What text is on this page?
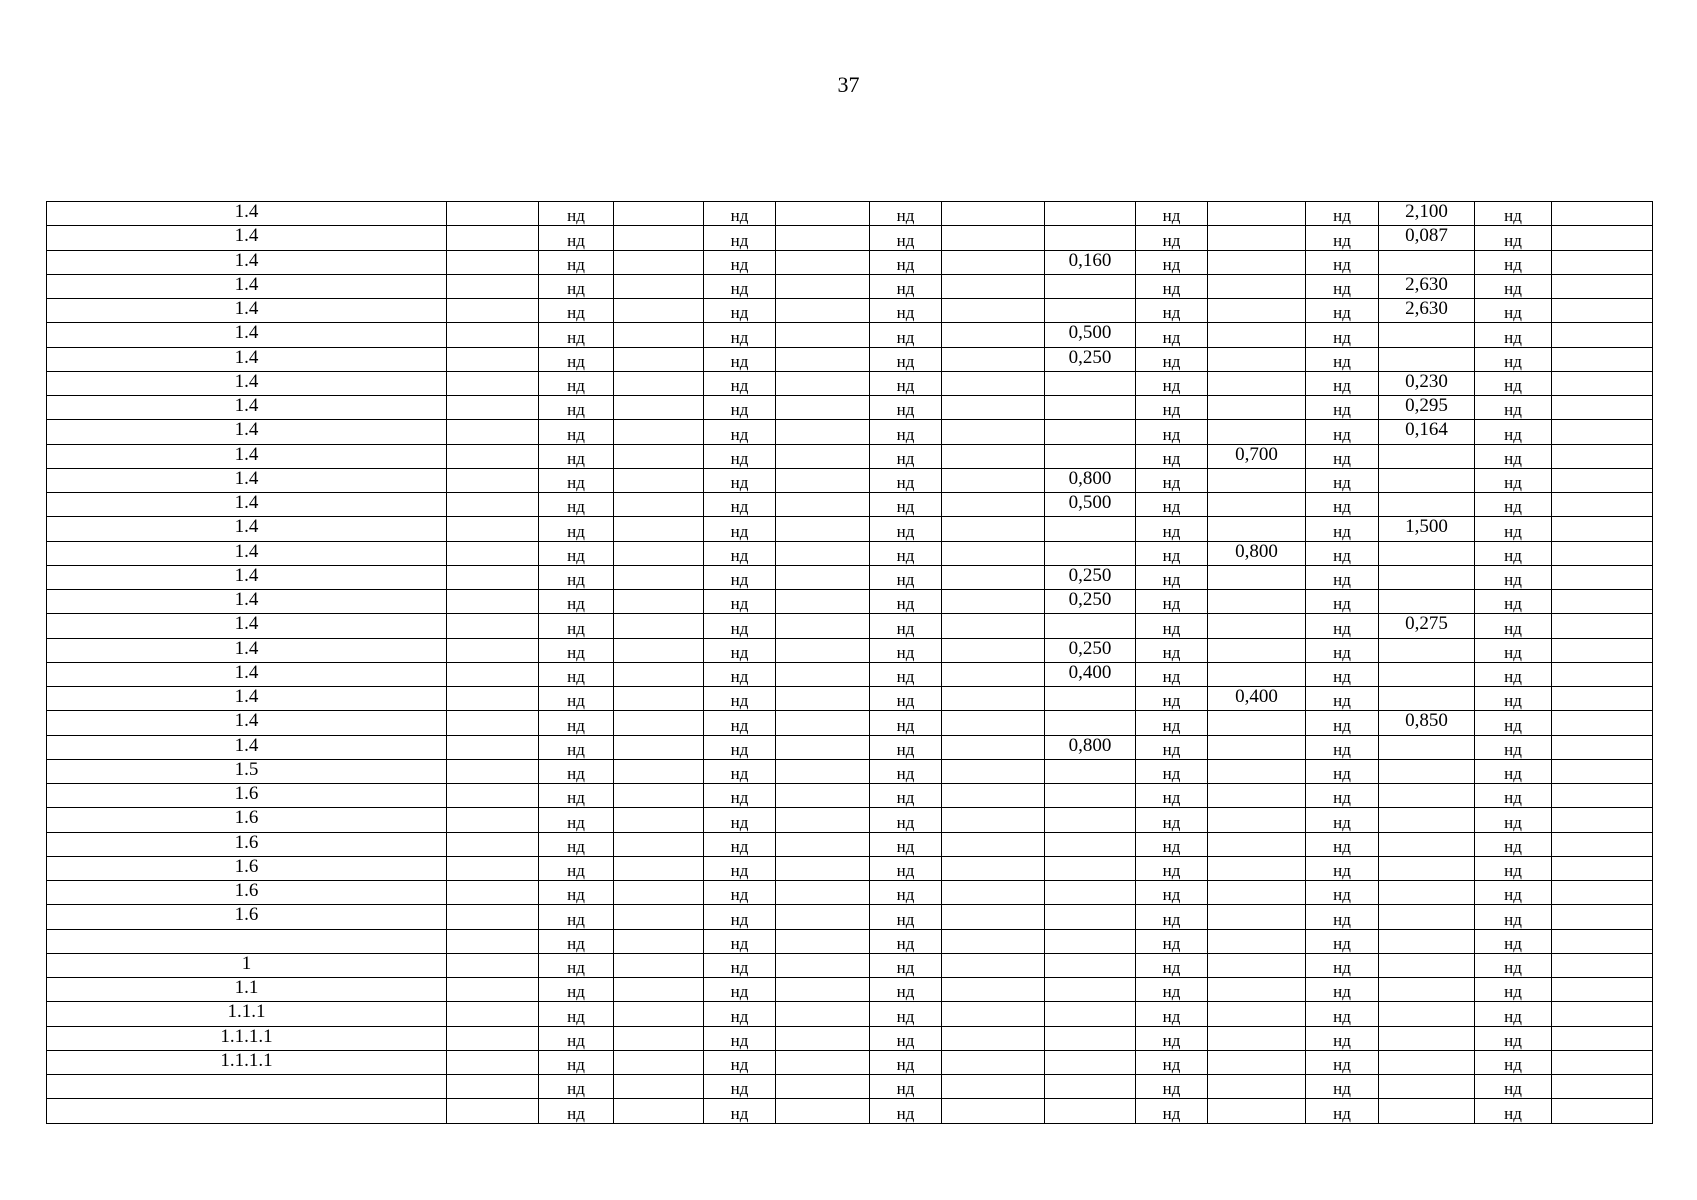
37
1.4		нд		нд		нд			нд		нд	2,100	нд	
1.4		нд		нд		нд			нд		нд	0,087	нд	
1.4		нд		нд		нд		0,160	нд		нд		нд	
1.4		нд		нд		нд			нд		нд	2,630	нд	
1.4		нд		нд		нд			нд		нд	2,630	нд	
1.4		нд		нд		нд		0,500	нд		нд		нд	
1.4		нд		нд		нд		0,250	нд		нд		нд	
1.4		нд		нд		нд			нд		нд	0,230	нд	
1.4		нд		нд		нд			нд		нд	0,295	нд	
1.4		нд		нд		нд			нд		нд	0,164	нд	
1.4		нд		нд		нд			нд	0,700	нд		нд	
1.4		нд		нд		нд		0,800	нд		нд		нд	
1.4		нд		нд		нд		0,500	нд		нд		нд	
1.4		нд		нд		нд			нд		нд	1,500	нд	
1.4		нд		нд		нд			нд	0,800	нд		нд	
1.4		нд		нд		нд		0,250	нд		нд		нд	
1.4		нд		нд		нд		0,250	нд		нд		нд	
1.4		нд		нд		нд			нд		нд	0,275	нд	
1.4		нд		нд		нд		0,250	нд		нд		нд	
1.4		нд		нд		нд		0,400	нд		нд		нд	
1.4		нд		нд		нд			нд	0,400	нд		нд	
1.4		нд		нд		нд			нд		нд	0,850	нд	
1.4		нд		нд		нд		0,800	нд		нд		нд	
1.5		нд		нд		нд			нд		нд		нд	
1.6		нд		нд		нд			нд		нд		нд	
1.6		нд		нд		нд			нд		нд		нд	
1.6		нд		нд		нд			нд		нд		нд	
1.6		нд		нд		нд			нд		нд		нд	
1.6		нд		нд		нд			нд		нд		нд	
1.6		нд		нд		нд			нд		нд		нд	
		нд		нд		нд			нд		нд		нд	
1		нд		нд		нд			нд		нд		нд	
1.1		нд		нд		нд			нд		нд		нд	
1.1.1		нд		нд		нд			нд		нд		нд	
1.1.1.1		нд		нд		нд			нд		нд		нд	
1.1.1.1		нд		нд		нд			нд		нд		нд	
		нд		нд		нд			нд		нд		нд	
		нд		нд		нд			нд		нд		нд	
